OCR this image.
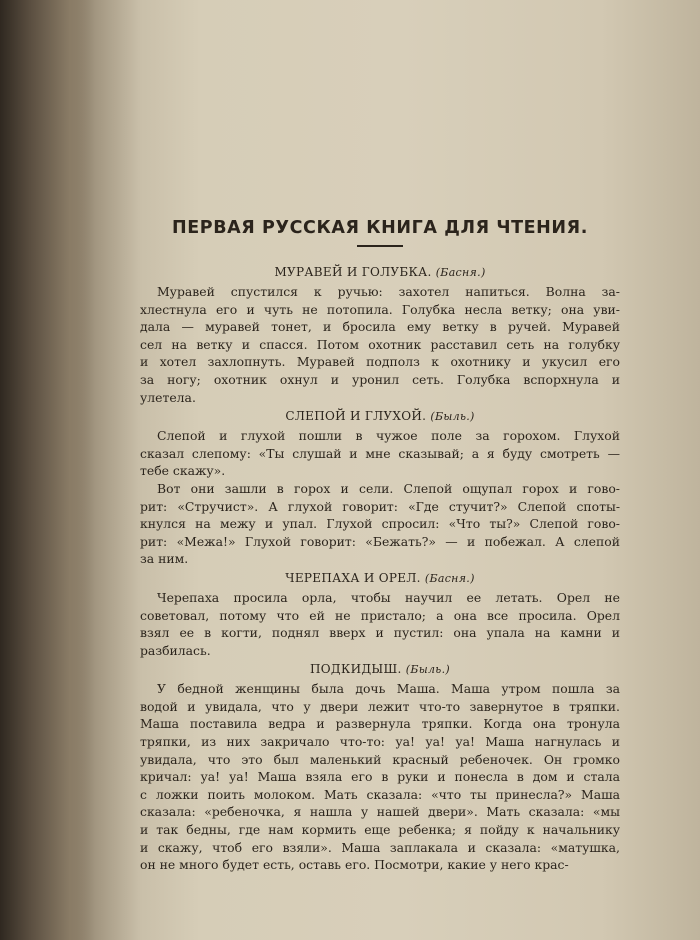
ПЕРВАЯ РУССКАЯ КНИГА ДЛЯ ЧТЕНИЯ.
МУРАВЕЙ И ГОЛУБКА. (Басня.)

Муравей спустился к ручью: захотел напиться. Волна за-
хлестнула его и чуть не потопила. Голубка несла ветку; она уви-
дала — муравей тонет, и бросила ему ветку в ручей. Муравей
сел на ветку и спасся. Потом охотник расставил сеть на голубку
и хотел захлопнуть. Муравей подполз к охотнику и укусил его
за ногу; охотник охнул и уронил сеть. Голубка вспорхнула и
улетела.

СЛЕПОЙ И ГЛУХОЙ. (Быль.)

Слепой и глухой пошли в чужое поле за горохом. Глухой
сказал слепому: «Ты слушай и мне сказывай; а я буду смотреть —
тебе скажу».

Вот они зашли в горох и сели. Слепой ощупал горох и гово-
рит: «Стручист». А глухой говорит: «Где стучит?» Слепой споты-
кнулся на межу и упал. Глухой спросил: «Что ты?» Слепой гово-
рит: «Межа!» Глухой говорит: «Бежать?» — и побежал. А слепой
за ним.

ЧЕРЕПАХА И ОРЕЛ. (Басня.)

Черепаха просила орла, чтобы научил ее летать. Орел не
советовал, потому что ей не пристало; а она все просила. Орел
взял ее в когти, поднял вверх и пустил: она упала на камни и
разбилась.

ПОДКИДЫШ. (Быль.)

У бедной женщины была дочь Маша. Маша утром пошла за
водой и увидала, что у двери лежит что-то завернутое в тряпки.
Маша поставила ведра и развернула тряпки. Когда она тронула
тряпки, из них закричало что-то: уа! уа! уа! Маша нагнулась и
увидала, что это был маленький красный ребеночек. Он громко
кричал: уа! уа! Маша взяла его в руки и понесла в дом и стала
с ложки поить молоком. Мать сказала: «что ты принесла?» Маша
сказала: «ребеночка, я нашла у нашей двери». Мать сказала: «мы
и так бедны, где нам кормить еще ребенка; я пойду к начальнику
и скажу, чтоб его взяли». Маша заплакала и сказала: «матушка,
он не много будет есть, оставь его. Посмотри, какие у него крас-
